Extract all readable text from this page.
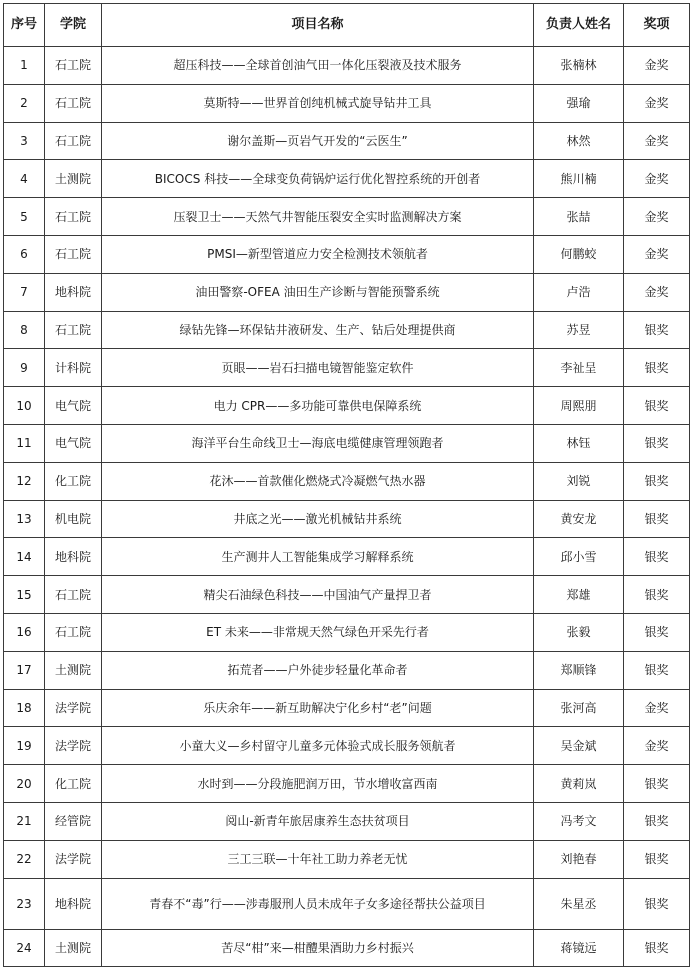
序号	学院	项目名称	负责人姓名	奖项
1	石工院	超压科技——全球首创油气田一体化压裂液及技术服务	张楠林	金奖
2	石工院	莫斯特——世界首创纯机械式旋导钻井工具	强瑜	金奖
3	石工院	谢尔盖斯—页岩气开发的“云医生”	林然	金奖
4	土测院	BICOCS 科技——全球变负荷锅炉运行优化智控系统的开创者	熊川楠	金奖
5	石工院	压裂卫士——天然气井智能压裂安全实时监测解决方案	张喆	金奖
6	石工院	PMSI—新型管道应力安全检测技术领航者	何鹏蛟	金奖
7	地科院	油田警察-OFEA 油田生产诊断与智能预警系统	卢浩	金奖
8	石工院	绿钻先锋—环保钻井液研发、生产、钻后处理提供商	苏昱	银奖
9	计科院	页眼——岩石扫描电镜智能鉴定软件	李祉呈	银奖
10	电气院	电力 CPR——多功能可靠供电保障系统	周熙朋	银奖
11	电气院	海洋平台生命线卫士—海底电缆健康管理领跑者	林钰	银奖
12	化工院	花沐——首款催化燃烧式冷凝燃气热水器	刘锐	银奖
13	机电院	井底之光——激光机械钻井系统	黄安龙	银奖
14	地科院	生产测井人工智能集成学习解释系统	邱小雪	银奖
15	石工院	精尖石油绿色科技——中国油气产量捍卫者	郑雄	银奖
16	石工院	ET 未来——非常规天然气绿色开采先行者	张毅	银奖
17	土测院	拓荒者——户外徒步轻量化革命者	郑顺锋	银奖
18	法学院	乐庆余年——新互助解决宁化乡村“老”问题	张河高	金奖
19	法学院	小童大义—乡村留守儿童多元体验式成长服务领航者	吴金斌	金奖
20	化工院	水时到——分段施肥润万田，节水增收富西南	黄莉岚	银奖
21	经管院	阅山-新青年旅居康养生态扶贫项目	冯考文	银奖
22	法学院	三工三联—十年社工助力养老无忧	刘艳春	银奖
23	地科院	青春不“毒”行——涉毒服刑人员未成年子女多途径帮扶公益项目	朱星丞	银奖
24	土测院	苦尽“柑”来—柑醴果酒助力乡村振兴	蒋镜远	银奖
